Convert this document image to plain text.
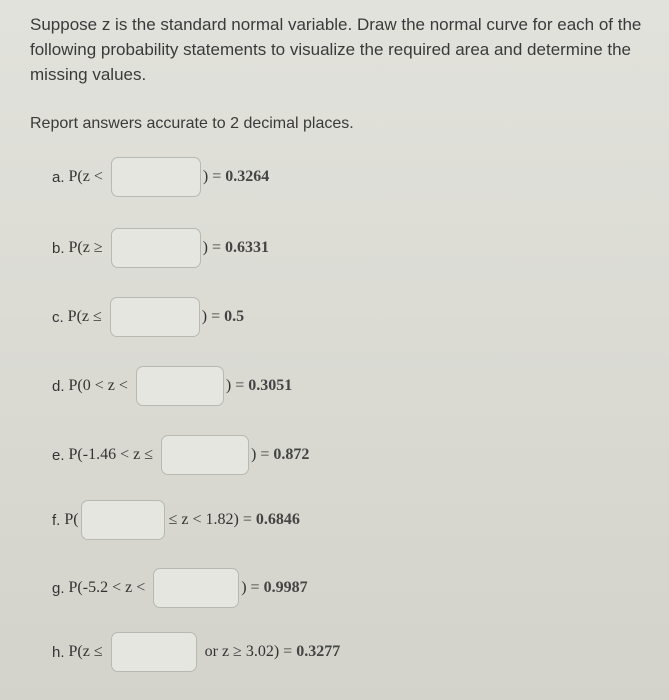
Suppose z is the standard normal variable. Draw the normal curve for each of the following probability statements to visualize the required area and determine the missing values.
Report answers accurate to 2 decimal places.
a.
P(z <	) = 0.3264
b.
P(z ≥	) = 0.6331
c.
P(z ≤	) = 0.5
d.
P(0 < z <	) = 0.3051
e.
P(-1.46 < z ≤	) = 0.872
f.
P(	≤ z < 1.82) = 0.6846
g.
P(-5.2 < z <	) = 0.9987
h.
P(z ≤	or z ≥ 3.02) = 0.3277
